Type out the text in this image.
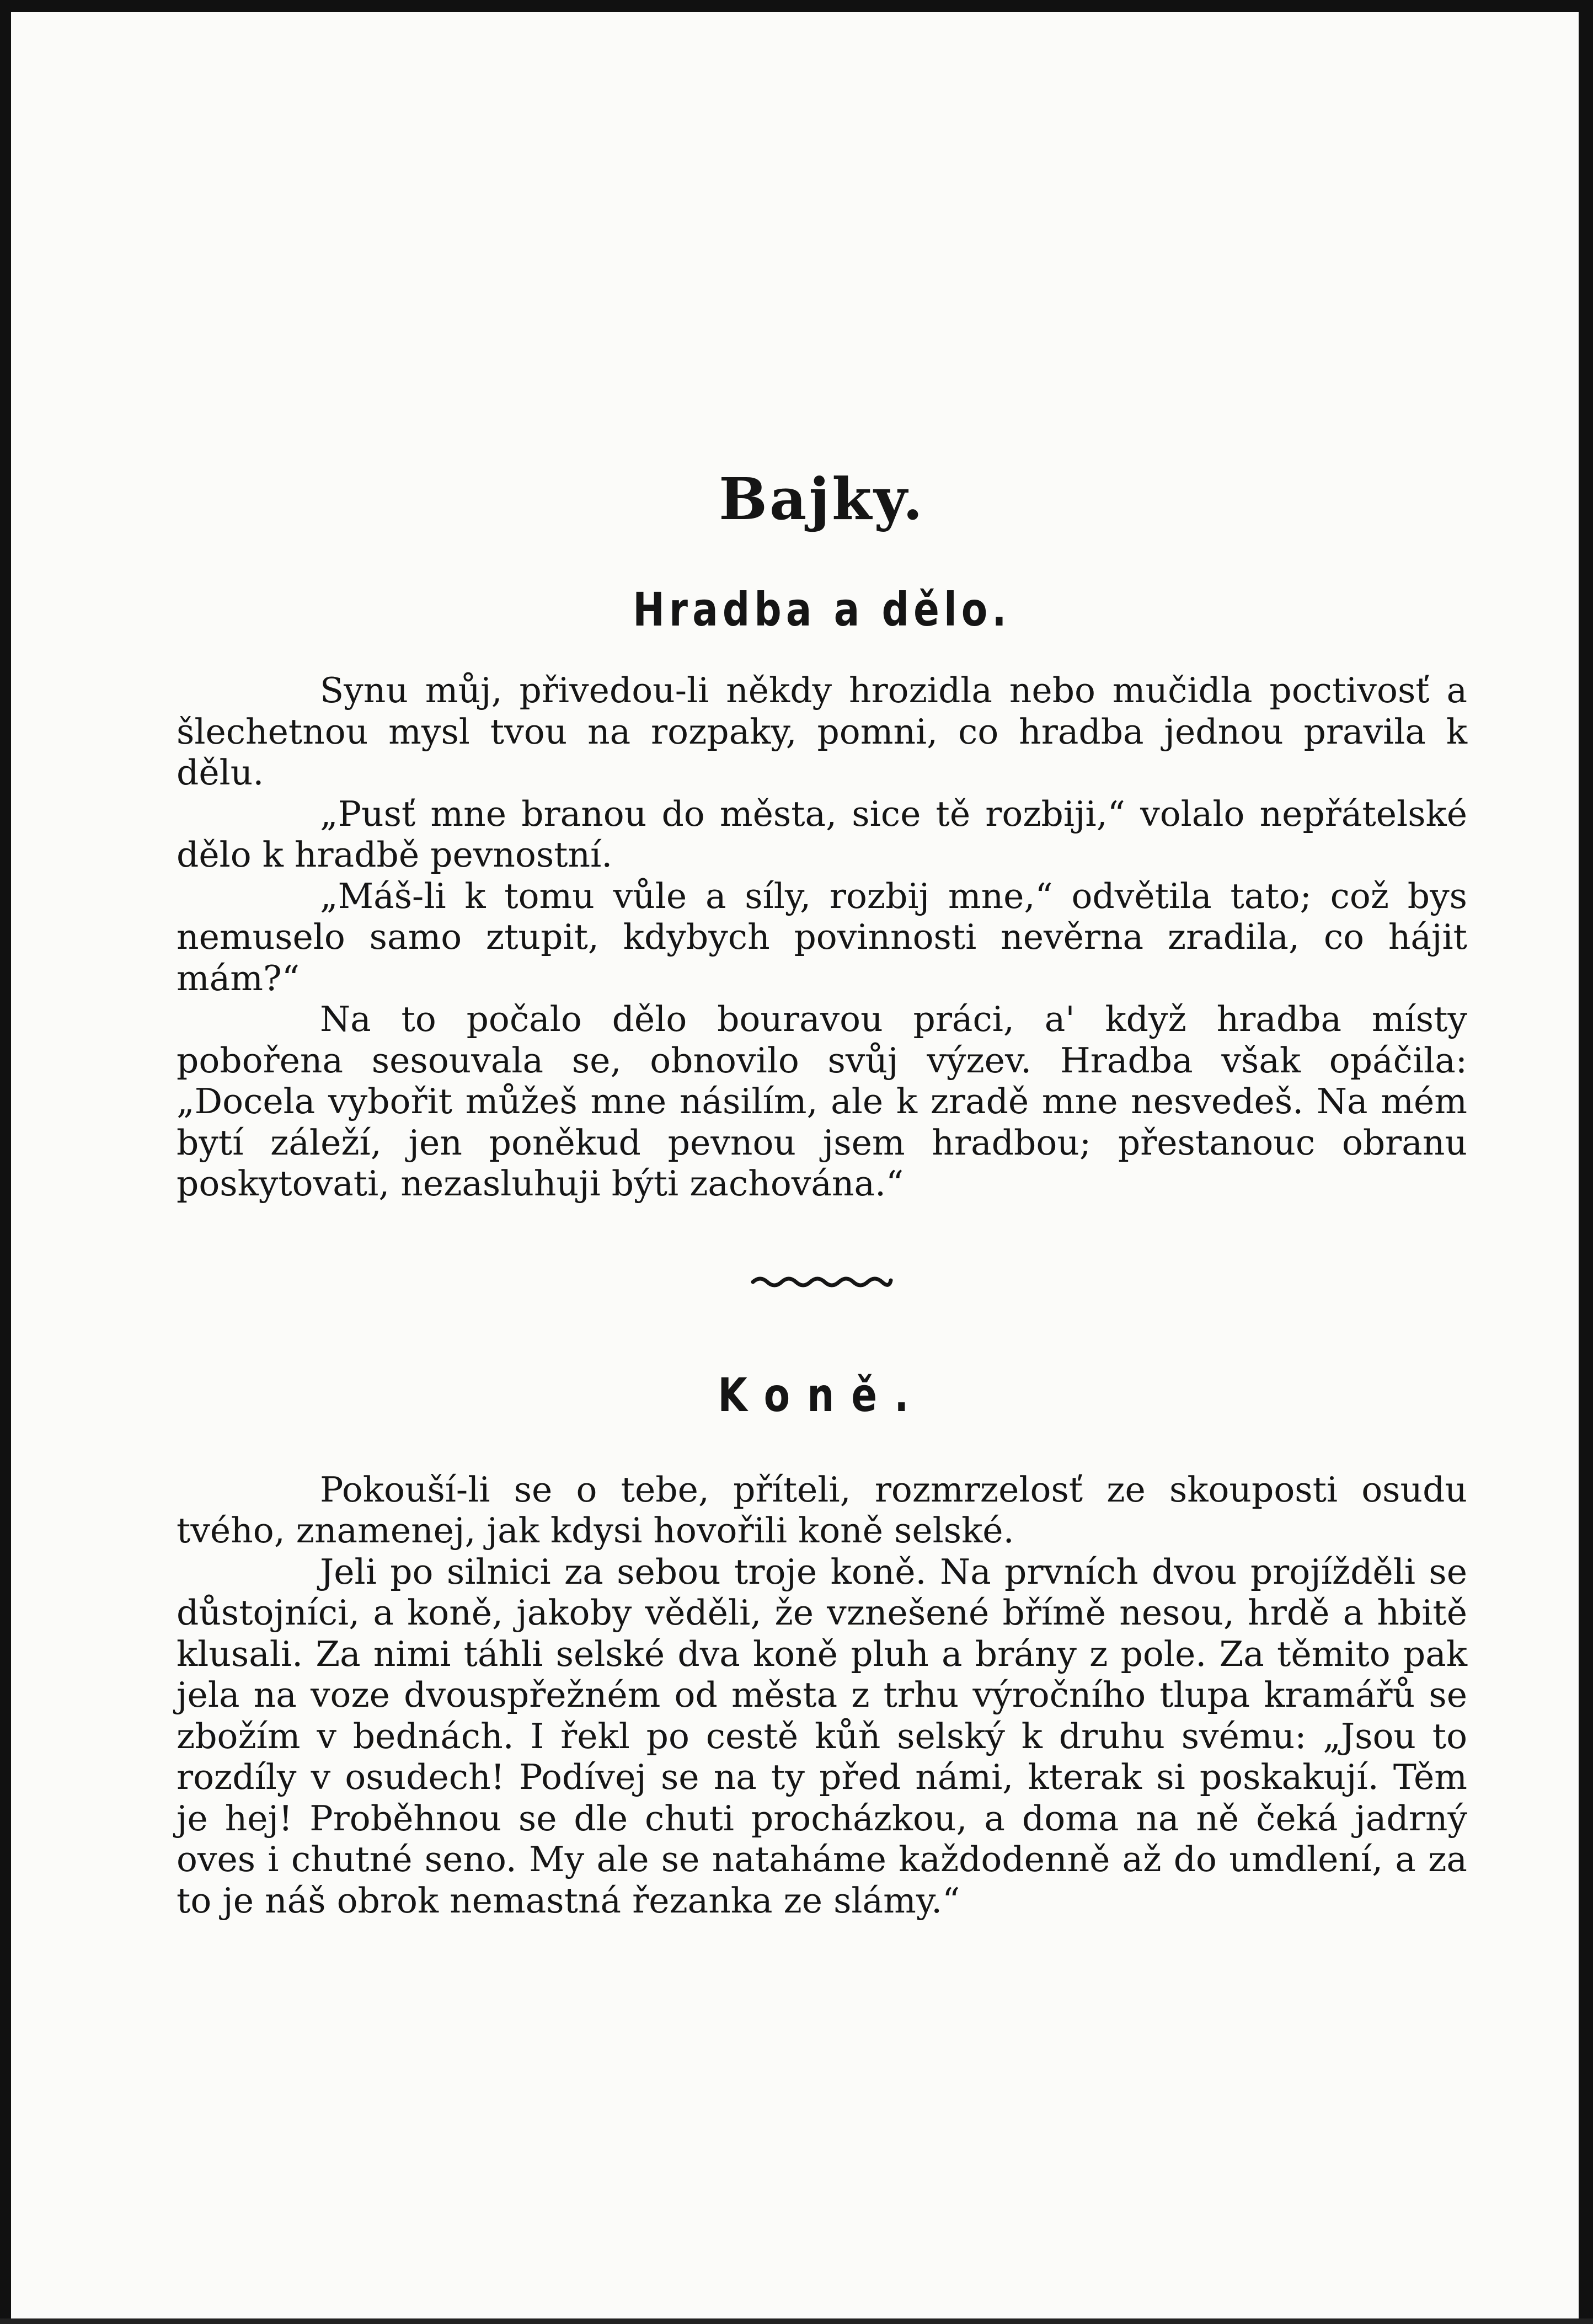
Bajky.
Hradba a dělo.

Synu můj, přivedou-li někdy hrozidla nebo mučidla poctivosť a šlechetnou mysl tvou na rozpaky, pomni, co hradba jednou pravila k dělu.

„Pusť mne branou do města, sice tě rozbiji,“ volalo nepřátelské dělo k hradbě pevnostní.

„Máš-li k tomu vůle a síly, rozbij mne,“ odvětila tato; což bys nemuselo samo ztupit, kdybych povinnosti nevěrna zradila, co hájit mám?“

Na to počalo dělo bouravou práci, a' když hradba místy pobořena sesouvala se, obnovilo svůj výzev. Hradba však opáčila: „Docela vybořit můžeš mne násilím, ale k zradě mne nesvedeš. Na mém bytí záleží, jen poněkud pevnou jsem hradbou; přestanouc obranu poskytovati, nezasluhuji býti zachována.“

Koně.

Pokouší-li se o tebe, příteli, rozmrzelosť ze skouposti osudu tvého, znamenej, jak kdysi hovořili koně selské.

Jeli po silnici za sebou troje koně. Na prvních dvou projížděli se důstojníci, a koně, jakoby věděli, že vznešené břímě nesou, hrdě a hbitě klusali. Za nimi táhli selské dva koně pluh a brány z pole. Za těmito pak jela na voze dvouspřežném od města z trhu výročního tlupa kramářů se zbožím v bednách. I řekl po cestě kůň selský k druhu svému: „Jsou to rozdíly v osudech! Podívej se na ty před námi, kterak si poskakují. Těm je hej! Proběhnou se dle chuti procházkou, a doma na ně čeká jadrný oves i chutné seno. My ale se nataháme každodenně až do umdlení, a za to je náš obrok nemastná řezanka ze slámy.“
